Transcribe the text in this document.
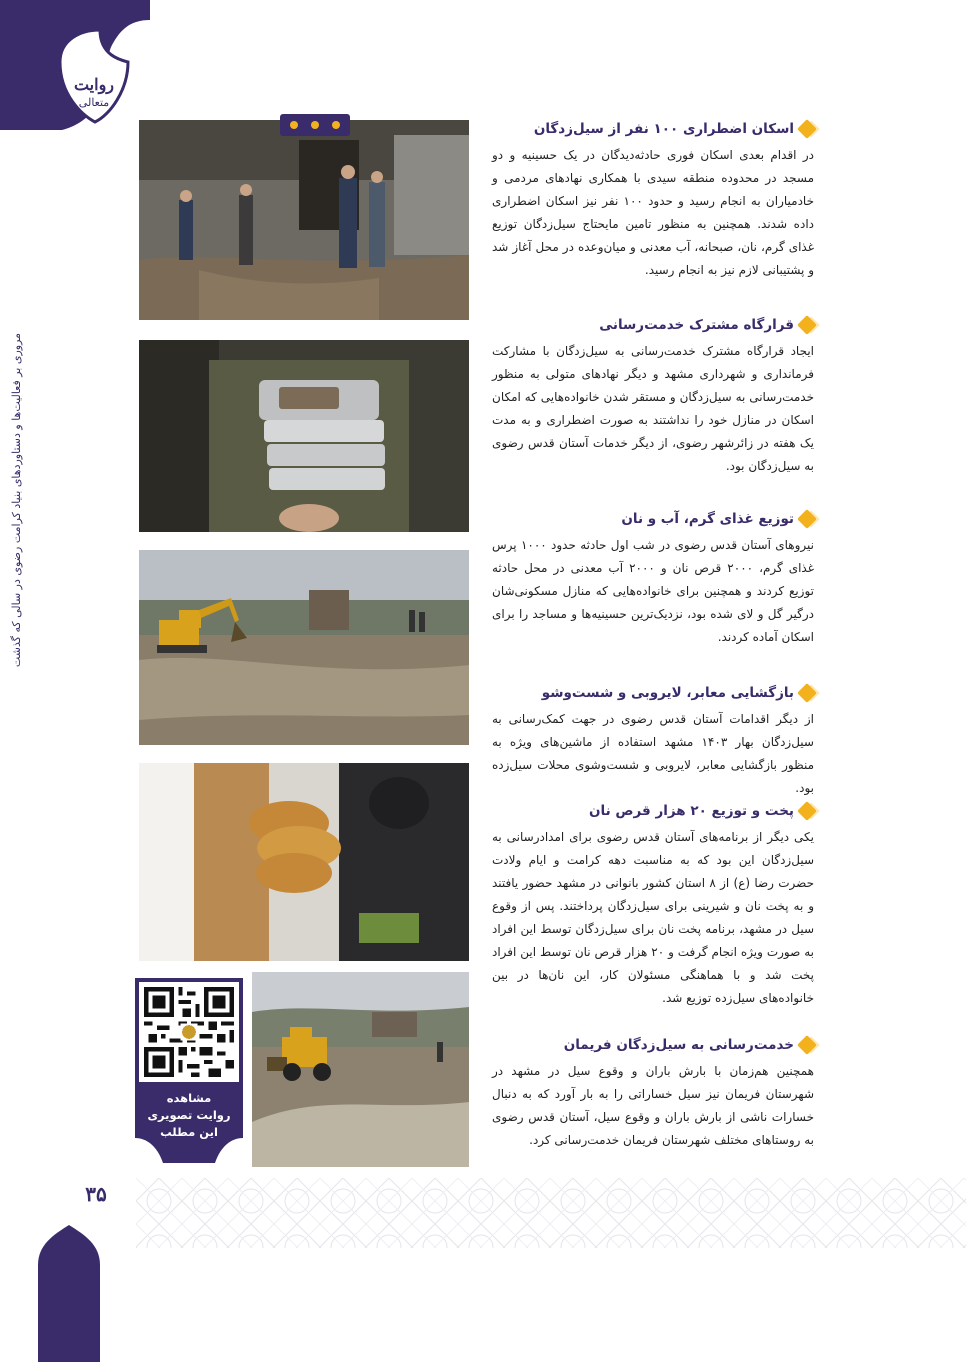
روایت
متعالی
مروری بر فعالیت‌ها و دستاوردهای بنیاد کرامت رضوی در سالی که گذشت
۳۵
مشاهده
روایت تصویری
این مطلب
اسکان اضطراری ۱۰۰ نفر از سیل‌زدگان

در اقدام بعدی اسکان فوری حادثه‌دیدگان در یک حسینیه و دو مسجد در محدوده منطقه سیدی با همکاری نهادهای مردمی و خادمیاران به انجام رسید و حدود ۱۰۰ نفر نیز اسکان اضطراری داده شدند. همچنین به منظور تامین مایحتاج سیل‌زدگان توزیع غذای گرم، نان، صبحانه، آب معدنی و میان‌وعده در محل آغاز شد و پشتیبانی لازم نیز به انجام رسید.

قرارگاه مشترک خدمت‌رسانی

ایجاد قرارگاه مشترک خدمت‌رسانی به سیل‌زدگان با مشارکت فرمانداری و شهرداری مشهد و دیگر نهادهای متولی به منظور خدمت‌رسانی به سیل‌زدگان و مستقر شدن خانواده‌هایی که امکان اسکان در منازل خود را نداشتند به صورت اضطراری و به مدت یک هفته در زائرشهر رضوی، از دیگر خدمات آستان قدس رضوی به سیل‌زدگان بود.

توزیع غذای گرم، آب و نان

نیروهای آستان قدس رضوی در شب اول حادثه حدود ۱۰۰۰ پرس غذای گرم، ۲۰۰۰ قرص نان و ۲۰۰۰ آب معدنی در محل حادثه توزیع کردند و همچنین برای خانواده‌هایی که منازل مسکونی‌شان درگیر گل و لای شده بود، نزدیک‌ترین حسینیه‌ها و مساجد را برای اسکان آماده کردند.

بازگشایی معابر، لایروبی و شست‌وشو

از دیگر اقدامات آستان قدس رضوی در جهت کمک‌رسانی به سیل‌زدگان بهار ۱۴۰۳ مشهد استفاده از ماشین‌های ویژه به منظور بازگشایی معابر، لایروبی و شست‌وشوی محلات سیل‌زده بود.

پخت و توزیع ۲۰ هزار قرص نان

یکی دیگر از برنامه‌های آستان قدس رضوی برای امدادرسانی به سیل‌زدگان این بود که به مناسبت دهه کرامت و ایام ولادت حضرت رضا (ع) از ۸ استان کشور بانوانی در مشهد حضور یافتند و به پخت نان و شیرینی برای سیل‌زدگان پرداختند. پس از وقوع سیل در مشهد، برنامه پخت نان برای سیل‌زدگان توسط این افراد به صورت ویژه انجام گرفت و ۲۰ هزار قرص نان توسط این افراد پخت شد و با هماهنگی مسئولان کار، این نان‌ها در بین خانواده‌های سیل‌زده توزیع شد.

خدمت‌رسانی به سیل‌زدگان فریمان

همچنین هم‌زمان با بارش باران و وقوع سیل در مشهد در شهرستان فریمان نیز سیل خساراتی را به بار آورد که به دنبال خسارات ناشی از بارش باران و وقوع سیل، آستان قدس رضوی به روستاهای مختلف شهرستان فریمان خدمت‌رسانی کرد.
